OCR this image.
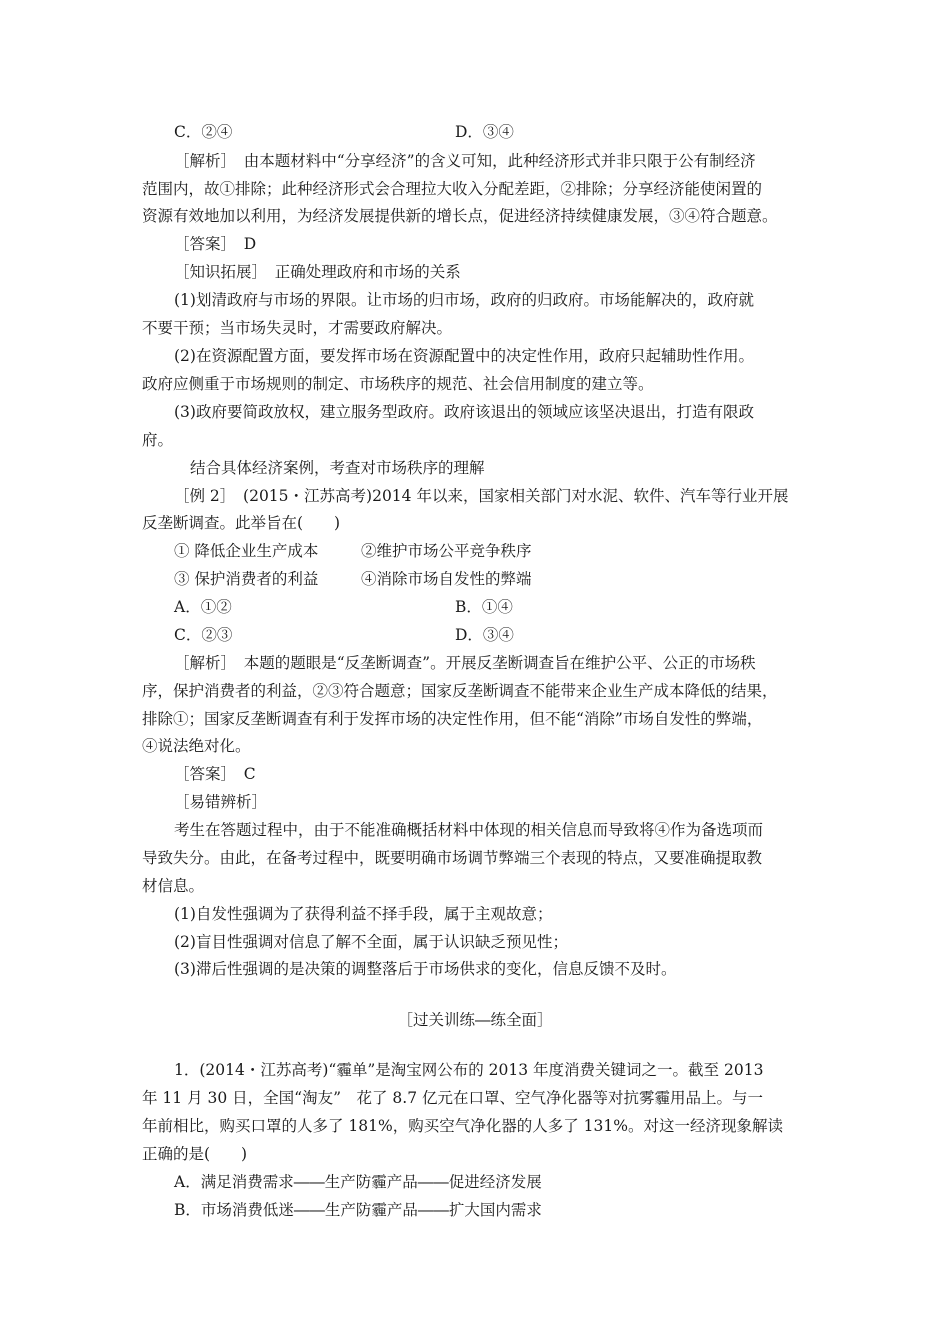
C．②④	D．③④
［解析］　由本题材料中“分享经济”的含义可知，此种经济形式并非只限于公有制经济
范围内，故①排除；此种经济形式会合理拉大收入分配差距，②排除；分享经济能使闲置的
资源有效地加以利用，为经济发展提供新的增长点，促进经济持续健康发展，③④符合题意。
［答案］　D
［知识拓展］　正确处理政府和市场的关系
(1)划清政府与市场的界限。让市场的归市场，政府的归政府。市场能解决的，政府就
不要干预；当市场失灵时，才需要政府解决。
(2)在资源配置方面，要发挥市场在资源配置中的决定性作用，政府只起辅助性作用。
政府应侧重于市场规则的制定、市场秩序的规范、社会信用制度的建立等。
(3)政府要简政放权，建立服务型政府。政府该退出的领域应该坚决退出，打造有限政
府。
结合具体经济案例，考查对市场秩序的理解
［例 2］　(2015・江苏高考)2014 年以来，国家相关部门对水泥、软件、汽车等行业开展
反垄断调查。此举旨在(　　)
① 降低企业生产成本	②维护市场公平竞争秩序
③ 保护消费者的利益	④消除市场自发性的弊端
A．①②	B．①④
C．②③	D．③④
［解析］　本题的题眼是“反垄断调查”。开展反垄断调查旨在维护公平、公正的市场秩
序，保护消费者的利益，②③符合题意；国家反垄断调查不能带来企业生产成本降低的结果，
排除①；国家反垄断调查有利于发挥市场的决定性作用，但不能“消除”市场自发性的弊端，
④说法绝对化。
［答案］　C
［易错辨析］
考生在答题过程中，由于不能准确概括材料中体现的相关信息而导致将④作为备选项而
导致失分。由此，在备考过程中，既要明确市场调节弊端三个表现的特点，又要准确提取教
材信息。
(1)自发性强调为了获得利益不择手段，属于主观故意；
(2)盲目性强调对信息了解不全面，属于认识缺乏预见性；
(3)滞后性强调的是决策的调整落后于市场供求的变化，信息反馈不及时。
［过关训练―练全面］
1．(2014・江苏高考)“霾单”是淘宝网公布的 2013 年度消费关键词之一。截至 2013
年 11 月 30 日，全国“淘友”　花了 8.7 亿元在口罩、空气净化器等对抗雾霾用品上。与一
年前相比，购买口罩的人多了 181%，购买空气净化器的人多了 131%。对这一经济现象解读
正确的是(　　)
A．满足消费需求――生产防霾产品――促进经济发展
B．市场消费低迷――生产防霾产品――扩大国内需求
